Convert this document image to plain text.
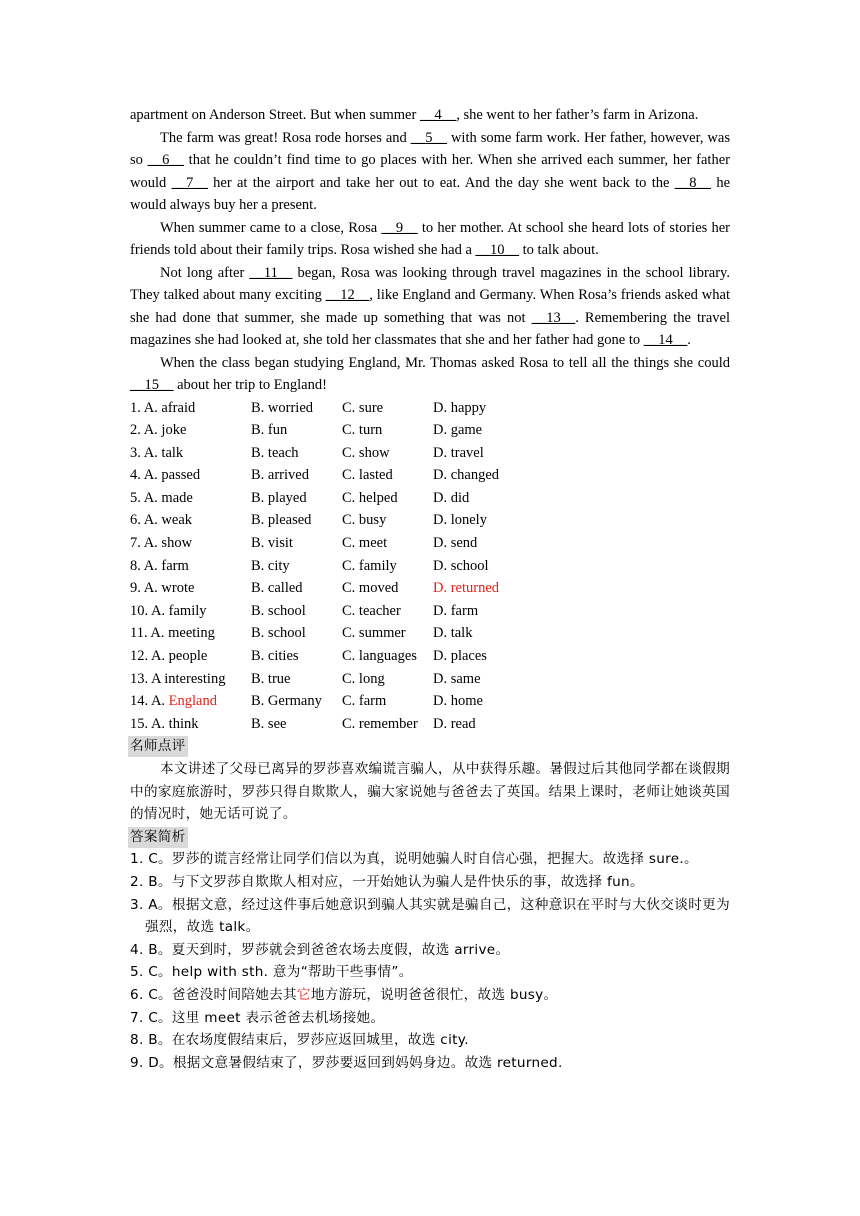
apartment on Anderson Street. But when summer __4__, she went to her father’s farm in Arizona.

The farm was great! Rosa rode horses and __5__ with some farm work. Her father, however, was so __6__ that he couldn’t find time to go places with her. When she arrived each summer, her father would __7__ her at the airport and take her out to eat. And the day she went back to the __8__ he would always buy her a present.

When summer came to a close, Rosa __9__ to her mother. At school she heard lots of stories her friends told about their family trips. Rosa wished she had a __10__ to talk about.

Not long after __11__ began, Rosa was looking through travel magazines in the school library. They talked about many exciting __12__, like England and Germany. When Rosa’s friends asked what she had done that summer, she made up something that was not __13__. Remembering the travel magazines she had looked at, she told her classmates that she and her father had gone to __14__.

When the class began studying England, Mr. Thomas asked Rosa to tell all the things she could __15__ about her trip to England!

1. A. afraid	B. worried	C. sure	D. happy
2. A. joke	B. fun	C. turn	D. game
3. A. talk	B. teach	C. show	D. travel
4. A. passed	B. arrived	C. lasted	D. changed
5. A. made	B. played	C. helped	D. did
6. A. weak	B. pleased	C. busy	D. lonely
7. A. show	B. visit	C. meet	D. send
8. A. farm	B. city	C. family	D. school
9. A. wrote	B. called	C. moved	D. returned
10. A. family	B. school	C. teacher	D. farm
11. A. meeting	B. school	C. summer	D. talk
12. A. people	B. cities	C. languages	D. places
13. A interesting	B. true	C. long	D. same
14. A. England	B. Germany	C. farm	D. home
15. A. think	B. see	C. remember	D. read
名师点评

本文讲述了父母已离异的罗莎喜欢编谎言骗人，从中获得乐趣。暑假过后其他同学都在谈假期中的家庭旅游时，罗莎只得自欺欺人，骗大家说她与爸爸去了英国。结果上课时，老师让她谈英国的情况时，她无话可说了。

答案简析

1. C。罗莎的谎言经常让同学们信以为真，说明她骗人时自信心强，把握大。故选择 sure.。

2. B。与下文罗莎自欺欺人相对应，一开始她认为骗人是件快乐的事，故选择 fun。

3. A。根据文意，经过这件事后她意识到骗人其实就是骗自己，这种意识在平时与大伙交谈时更为强烈，故选 talk。

4. B。夏天到时，罗莎就会到爸爸农场去度假，故选 arrive。

5. C。help with sth. 意为“帮助干些事情”。

6. C。爸爸没时间陪她去其它地方游玩，说明爸爸很忙，故选 busy。

7. C。这里 meet 表示爸爸去机场接她。

8. B。在农场度假结束后，罗莎应返回城里，故选 city.

9. D。根据文意暑假结束了，罗莎要返回到妈妈身边。故选 returned.
